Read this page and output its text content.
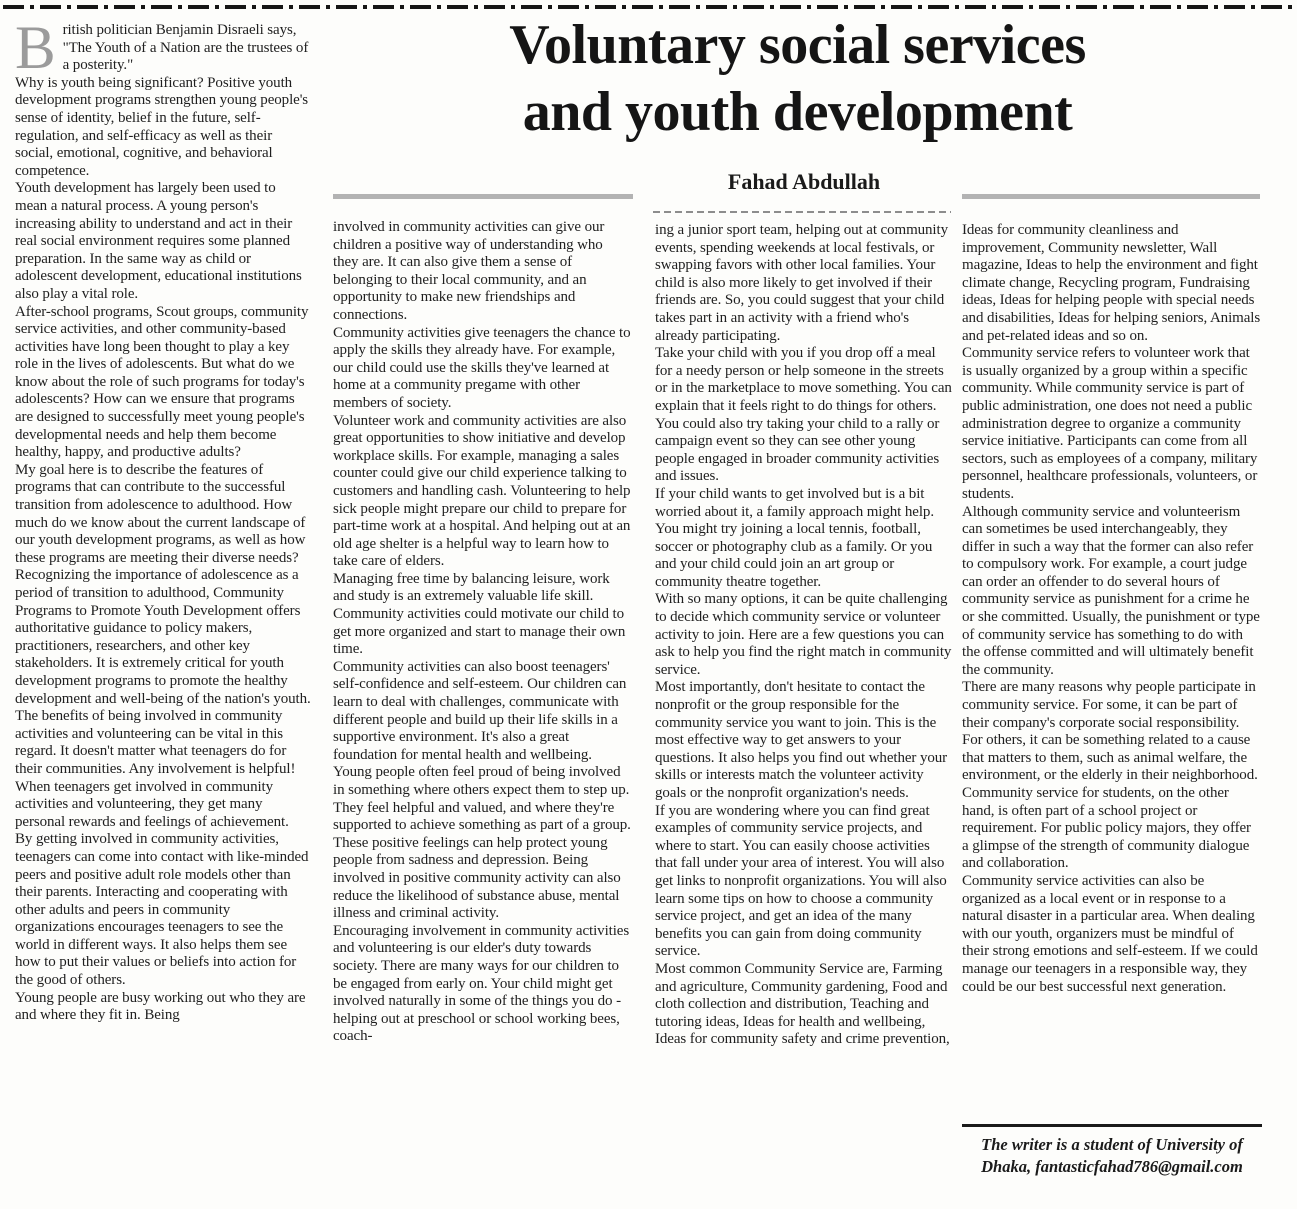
Voluntary social services
and youth development
Fahad Abdullah

British politician Benjamin Disraeli says, "The Youth of a Nation are the trustees of a posterity."

Why is youth being significant? Positive youth development programs strengthen young people's sense of identity, belief in the future, self-regulation, and self-efficacy as well as their social, emotional, cognitive, and behavioral competence.

Youth development has largely been used to mean a natural process. A young person's increasing ability to understand and act in their real social environment requires some planned preparation. In the same way as child or adolescent development, educational institutions also play a vital role.

After-school programs, Scout groups, community service activities, and other community-based activities have long been thought to play a key role in the lives of adolescents. But what do we know about the role of such programs for today's adolescents? How can we ensure that programs are designed to successfully meet young people's developmental needs and help them become healthy, happy, and productive adults?

My goal here is to describe the features of programs that can contribute to the successful transition from adolescence to adulthood. How much do we know about the current landscape of our youth development programs, as well as how these programs are meeting their diverse needs?

Recognizing the importance of adolescence as a period of transition to adulthood, Community Programs to Promote Youth Development offers authoritative guidance to policy makers, practitioners, researchers, and other key stakeholders. It is extremely critical for youth development programs to promote the healthy development and well-being of the nation's youth.

The benefits of being involved in community activities and volunteering can be vital in this regard. It doesn't matter what teenagers do for their communities. Any involvement is helpful! When teenagers get involved in community activities and volunteering, they get many personal rewards and feelings of achievement.

By getting involved in community activities, teenagers can come into contact with like-minded peers and positive adult role models other than their parents. Interacting and cooperating with other adults and peers in community organizations encourages teenagers to see the world in different ways. It also helps them see how to put their values or beliefs into action for the good of others.

Young people are busy working out who they are and where they fit in. Being

involved in community activities can give our children a positive way of understanding who they are. It can also give them a sense of belonging to their local community, and an opportunity to make new friendships and connections.

Community activities give teenagers the chance to apply the skills they already have. For example, our child could use the skills they've learned at home at a community pregame with other members of society.

Volunteer work and community activities are also great opportunities to show initiative and develop workplace skills. For example, managing a sales counter could give our child experience talking to customers and handling cash. Volunteering to help sick people might prepare our child to prepare for part-time work at a hospital. And helping out at an old age shelter is a helpful way to learn how to take care of elders.

Managing free time by balancing leisure, work and study is an extremely valuable life skill. Community activities could motivate our child to get more organized and start to manage their own time.

Community activities can also boost teenagers' self-confidence and self-esteem. Our children can learn to deal with challenges, communicate with different people and build up their life skills in a supportive environment. It's also a great foundation for mental health and wellbeing.

Young people often feel proud of being involved in something where others expect them to step up. They feel helpful and valued, and where they're supported to achieve something as part of a group. These positive feelings can help protect young people from sadness and depression. Being involved in positive community activity can also reduce the likelihood of substance abuse, mental illness and criminal activity.

Encouraging involvement in community activities and volunteering is our elder's duty towards society. There are many ways for our children to be engaged from early on. Your child might get involved naturally in some of the things you do - helping out at preschool or school working bees, coach-

ing a junior sport team, helping out at community events, spending weekends at local festivals, or swapping favors with other local families. Your child is also more likely to get involved if their friends are. So, you could suggest that your child takes part in an activity with a friend who's already participating.

Take your child with you if you drop off a meal for a needy person or help someone in the streets or in the marketplace to move something. You can explain that it feels right to do things for others. You could also try taking your child to a rally or campaign event so they can see other young people engaged in broader community activities and issues.

If your child wants to get involved but is a bit worried about it, a family approach might help. You might try joining a local tennis, football, soccer or photography club as a family. Or you and your child could join an art group or community theatre together.

With so many options, it can be quite challenging to decide which community service or volunteer activity to join. Here are a few questions you can ask to help you find the right match in community service.

Most importantly, don't hesitate to contact the nonprofit or the group responsible for the community service you want to join. This is the most effective way to get answers to your questions. It also helps you find out whether your skills or interests match the volunteer activity goals or the nonprofit organization's needs.

If you are wondering where you can find great examples of community service projects, and where to start. You can easily choose activities that fall under your area of interest. You will also get links to nonprofit organizations. You will also learn some tips on how to choose a community service project, and get an idea of the many benefits you can gain from doing community service.

Most common Community Service are, Farming and agriculture, Community gardening, Food and cloth collection and distribution, Teaching and tutoring ideas, Ideas for health and wellbeing, Ideas for community safety and crime prevention,

Ideas for community cleanliness and improvement, Community newsletter, Wall magazine, Ideas to help the environment and fight climate change, Recycling program, Fundraising ideas, Ideas for helping people with special needs and disabilities, Ideas for helping seniors, Animals and pet-related ideas and so on.

Community service refers to volunteer work that is usually organized by a group within a specific community. While community service is part of public administration, one does not need a public administration degree to organize a community service initiative. Participants can come from all sectors, such as employees of a company, military personnel, healthcare professionals, volunteers, or students.

Although community service and volunteerism can sometimes be used interchangeably, they differ in such a way that the former can also refer to compulsory work. For example, a court judge can order an offender to do several hours of community service as punishment for a crime he or she committed. Usually, the punishment or type of community service has something to do with the offense committed and will ultimately benefit the community.

There are many reasons why people participate in community service. For some, it can be part of their company's corporate social responsibility. For others, it can be something related to a cause that matters to them, such as animal welfare, the environment, or the elderly in their neighborhood.

Community service for students, on the other hand, is often part of a school project or requirement. For public policy majors, they offer a glimpse of the strength of community dialogue and collaboration.

Community service activities can also be organized as a local event or in response to a natural disaster in a particular area. When dealing with our youth, organizers must be mindful of their strong emotions and self-esteem. If we could manage our teenagers in a responsible way, they could be our best successful next generation.

The writer is a student of University of Dhaka, fantasticfahad786@gmail.com
